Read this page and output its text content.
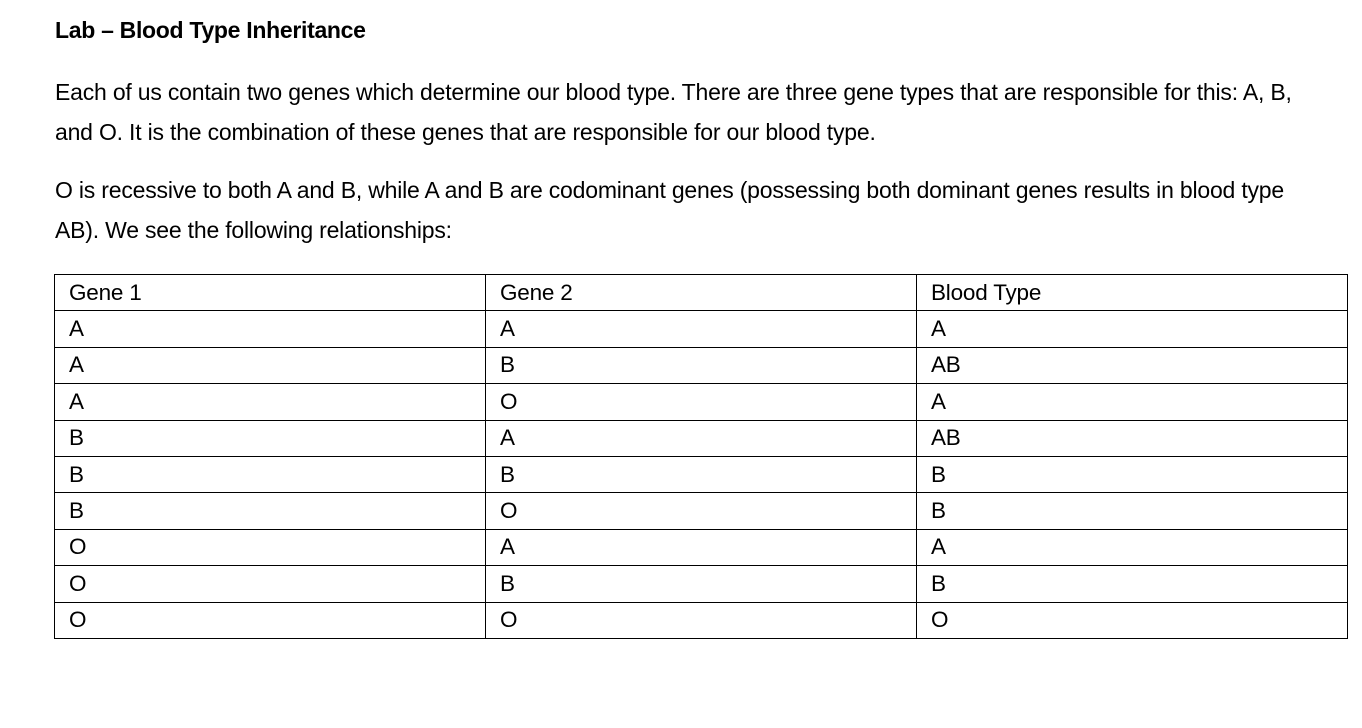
Lab – Blood Type Inheritance

Each of us contain two genes which determine our blood type. There are three gene types that are responsible for this: A, B, and O. It is the combination of these genes that are responsible for our blood type.

O is recessive to both A and B, while A and B are codominant genes (possessing both dominant genes results in blood type AB). We see the following relationships:

Gene 1	Gene 2	Blood Type
A	A	A
A	B	AB
A	O	A
B	A	AB
B	B	B
B	O	B
O	A	A
O	B	B
O	O	O
